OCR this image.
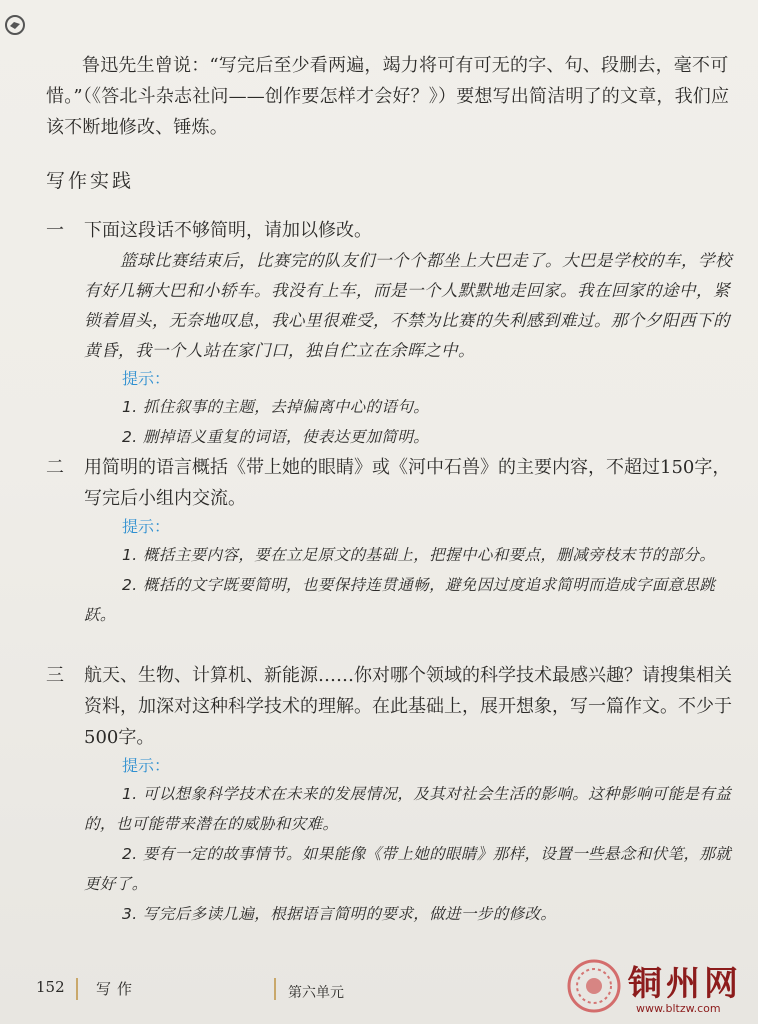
鲁迅先生曾说：“写完后至少看两遍，竭力将可有可无的字、句、段删去，毫不可惜。”（《答北斗杂志社问——创作要怎样才会好？》）要想写出简洁明了的文章，我们应该不断地修改、锤炼。
写作实践
一	下面这段话不够简明，请加以修改。
篮球比赛结束后，比赛完的队友们一个个都坐上大巴走了。大巴是学校的车，学校有好几辆大巴和小轿车。我没有上车，而是一个人默默地走回家。我在回家的途中，紧锁着眉头，无奈地叹息，我心里很难受，不禁为比赛的失利感到难过。那个夕阳西下的黄昏，我一个人站在家门口，独自伫立在余晖之中。
提示：
1. 抓住叙事的主题，去掉偏离中心的语句。
2. 删掉语义重复的词语，使表达更加简明。
二	用简明的语言概括《带上她的眼睛》或《河中石兽》的主要内容，不超过150字，写完后小组内交流。
提示：
1. 概括主要内容，要在立足原文的基础上，把握中心和要点，删减旁枝末节的部分。
2. 概括的文字既要简明，也要保持连贯通畅，避免因过度追求简明而造成字面意思跳跃。
三	航天、生物、计算机、新能源……你对哪个领域的科学技术最感兴趣？请搜集相关资料，加深对这种科学技术的理解。在此基础上，展开想象，写一篇作文。不少于500字。
提示：
1. 可以想象科学技术在未来的发展情况，及其对社会生活的影响。这种影响可能是有益的，也可能带来潜在的威胁和灾难。
2. 要有一定的故事情节。如果能像《带上她的眼睛》那样，设置一些悬念和伏笔，那就更好了。
3. 写完后多读几遍，根据语言简明的要求，做进一步的修改。
152 写作	第六单元	铜州网
www.bltzw.com
